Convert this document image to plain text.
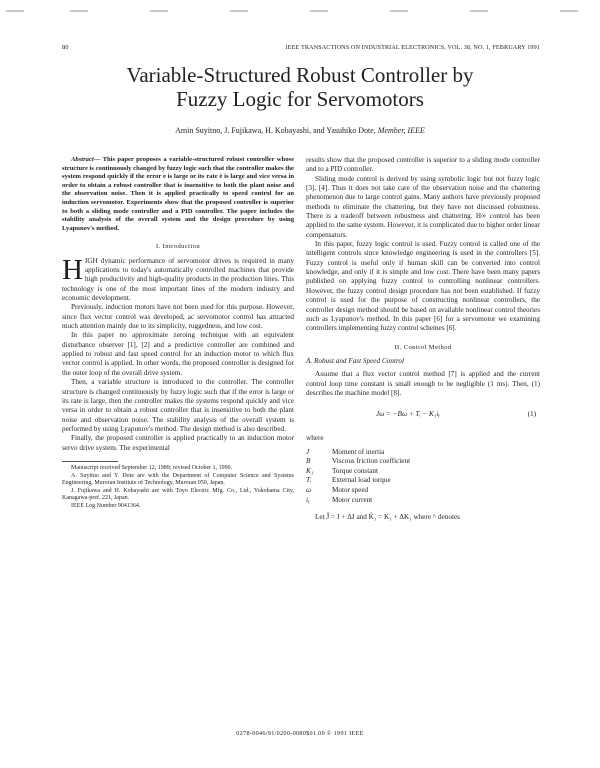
80	IEEE TRANSACTIONS ON INDUSTRIAL ELECTRONICS, VOL. 38, NO. 1, FEBRUARY 1991
Variable-Structured Robust Controller by
Fuzzy Logic for Servomotors
Amin Suyitno, J. Fujikawa, H. Kobayashi, and Yasuhiko Dote, Member, IEEE

Abstract— This paper proposes a variable-structured robust controller whose structure is continuously changed by fuzzy logic such that the controller makes the system respond quickly if the error e is large or its rate ė is large and vice versa in order to obtain a robust controller that is insensitive to both the plant noise and the observation noise. Then it is applied practically to speed control for an induction servomotor. Experiments show that the proposed controller is superior to both a sliding mode controller and a PID controller. The paper includes the stability analysis of the overall system and the design procedure by using Lyapunov's method.

I. Introduction

HIGH dynamic performance of servomotor drives is required in many applications to today's automatically controlled machines that provide high productivity and high-quality products in the production lines. This technology is one of the most important lines of the modern industry and economic development.

Previously, induction motors have not been used for this purpose. However, since flux vector control was developed, ac servomotor control has attracted much attention mainly due to its simplicity, ruggedness, and low cost.

In this paper no approximate zeroing technique with an equivalent disturbance observer [1], [2] and a predictive controller are combined and applied to robust and fast speed control for an induction motor to which flux vector control is applied. In other words, the proposed controller is designed for the outer loop of the overall drive system.

Then, a variable structure is introduced to the controller. The controller structure is changed continuously by fuzzy logic such that if the error is large or its rate is large, then the controller makes the systems respond quickly and vice versa in order to obtain a robust controller that is insensitive to both the plant noise and observation noise. The stability analysis of the overall system is performed by using Lyapunov's method. The design method is also described.

Finally, the proposed controller is applied practically to an induction motor servo drive system. The experimental

Manuscript received September 12, 1989; revised October 1, 1990.

A. Suyitno and Y. Dote are with the Department of Computer Science and Systems Engineering, Muroran Institute of Technology, Muroran 050, Japan.

J. Fujikawa and H. Kobayashi are with Toyo Electric Mfg. Co., Ltd., Yokohama City, Kanagawa-pref. 221, Japan.

IEEE Log Number 9041364.

results show that the proposed controller is superior to a sliding mode controller and to a PID controller.

Sliding mode control is derived by using symbolic logic but not fuzzy logic [3], [4]. Thus it does not take care of the observation noise and the chattering phenomenon due to large control gains. Many authors have previously proposed methods to eliminate the chattering, but they have not discussed robustness. There is a tradeoff between robustness and chattering. H∞ control has been applied to the same system. However, it is complicated due to higher order linear compensators.

In this paper, fuzzy logic control is used. Fuzzy control is called one of the intelligent controls since knowledge engineering is used in the controllers [5]. Fuzzy control is useful only if human skill can be converted into control knowledge, and only if it is simple and low cost. There have been many papers published on applying fuzzy control to controlling nonlinear controllers. However, the fuzzy control design procedure has not been established. If fuzzy control is used for the purpose of constructing nonlinear controllers, the controller design method should be based on available nonlinear control theories such as Lyapunov's method. In this paper [6] for a servomotor we examining controllers implementing fuzzy control schemes [6].

II. Control Method
A. Robust and Fast Speed Control

Assume that a flux vector control method [7] is applied and the current control loop time constant is small enough to be negligible (1 ms). Then, (1) describes the machine model [8].

Jω̇ = −Bω + Tᵢ − K₁iᵧ	(1)

where

J	Moment of inertia
B	Viscous friction coefficient
K₁	Torque constant
Tᵢ	External load torque
ω	Motor speed
iᵧ	Motor current

Let Ĵ = J + ΔJ and K̂₁ = K₁ + ΔK₁ where ^ denotes

0278-0046/91/0200-0080$01.00 © 1991 IEEE
